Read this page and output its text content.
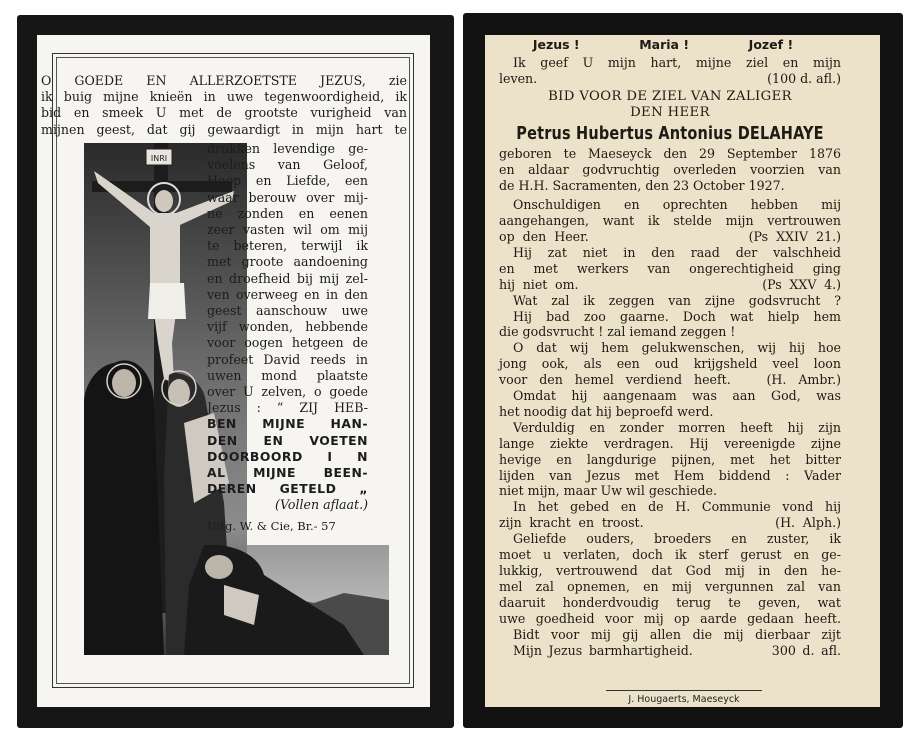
O GOEDE EN ALLERZOETSTE JEZUS, zie
ik buig mijne knieën in uwe tegenwoordigheid, ik
bid en smeek U met de grootste vurigheid van
mijnen geest, dat gij gewaardigt in mijn hart te
INRI
drukken levendige ge-
voelens van Geloof,
Hoop en Liefde, een
waar berouw over mij-
ne zonden en eenen
zeer vasten wil om mij
te beteren, terwijl ik
met groote aandoening
en droefheid bij mij zel-
ven overweeg en in den
geest aanschouw uwe
vijf wonden, hebbende
voor oogen hetgeen de
profeet David reeds in
uwen mond plaatste
over U zelven, o goede
Jezus : “ ZIJ HEB-
BEN MIJNE HAN-
DEN EN VOETEN
DOORBOORD I N
AL MIJNE BEEN-
DEREN GETELD „
(Vollen aflaat.)
Uitg. W. & Cie, Br.- 57
Jezus !	Maria !	Jozef !
Ik geef U mijn hart, mijne ziel en mijn
leven.	(100 d. afl.)
BID VOOR DE ZIEL VAN ZALIGER
DEN HEER
Petrus Hubertus Antonius DELAHAYE
geboren te Maeseyck den 29 September 1876
en aldaar godvruchtig overleden voorzien van
de H.H. Sacramenten, den 23 October 1927.
Onschuldigen en oprechten hebben mij
aangehangen, want ik stelde mijn vertrouwen
op den Heer.                    (Ps XXIV 21.)
Hij zat niet in den raad der valschheid
en met werkers van ongerechtigheid ging
hij niet om.                        (Ps XXV 4.)
Wat zal ik zeggen van zijne godsvrucht ?
Hij bad zoo gaarne. Doch wat hielp hem
die godsvrucht ! zal iemand zeggen !
O dat wij hem gelukwenschen, wij hij hoe
jong ook, als een oud krijgsheld veel loon
voor den hemel verdiend heeft.   (H. Ambr.)
Omdat hij aangenaam was aan God, was
het noodig dat hij beproefd werd.
Verduldig en zonder morren heeft hij zijn
lange ziekte verdragen. Hij vereenigde zijne
hevige en langdurige pijnen, met het bitter
lijden van Jezus met Hem biddend : Vader
niet mijn, maar Uw wil geschiede.
In het gebed en de H. Communie vond hij
zijn kracht en troost.                 (H. Alph.)
Geliefde ouders, broeders en zuster, ik
moet u verlaten, doch ik sterf gerust en ge-
lukkig, vertrouwend dat God mij in den he-
mel zal opnemen, en mij vergunnen zal van
daaruit honderdvoudig terug te geven, wat
uwe goedheid voor mij op aarde gedaan heeft.
Bidt voor mij gij allen die mij dierbaar zijt
Mijn Jezus barmhartigheid.            300 d. afl.
J. Hougaerts, Maeseyck
